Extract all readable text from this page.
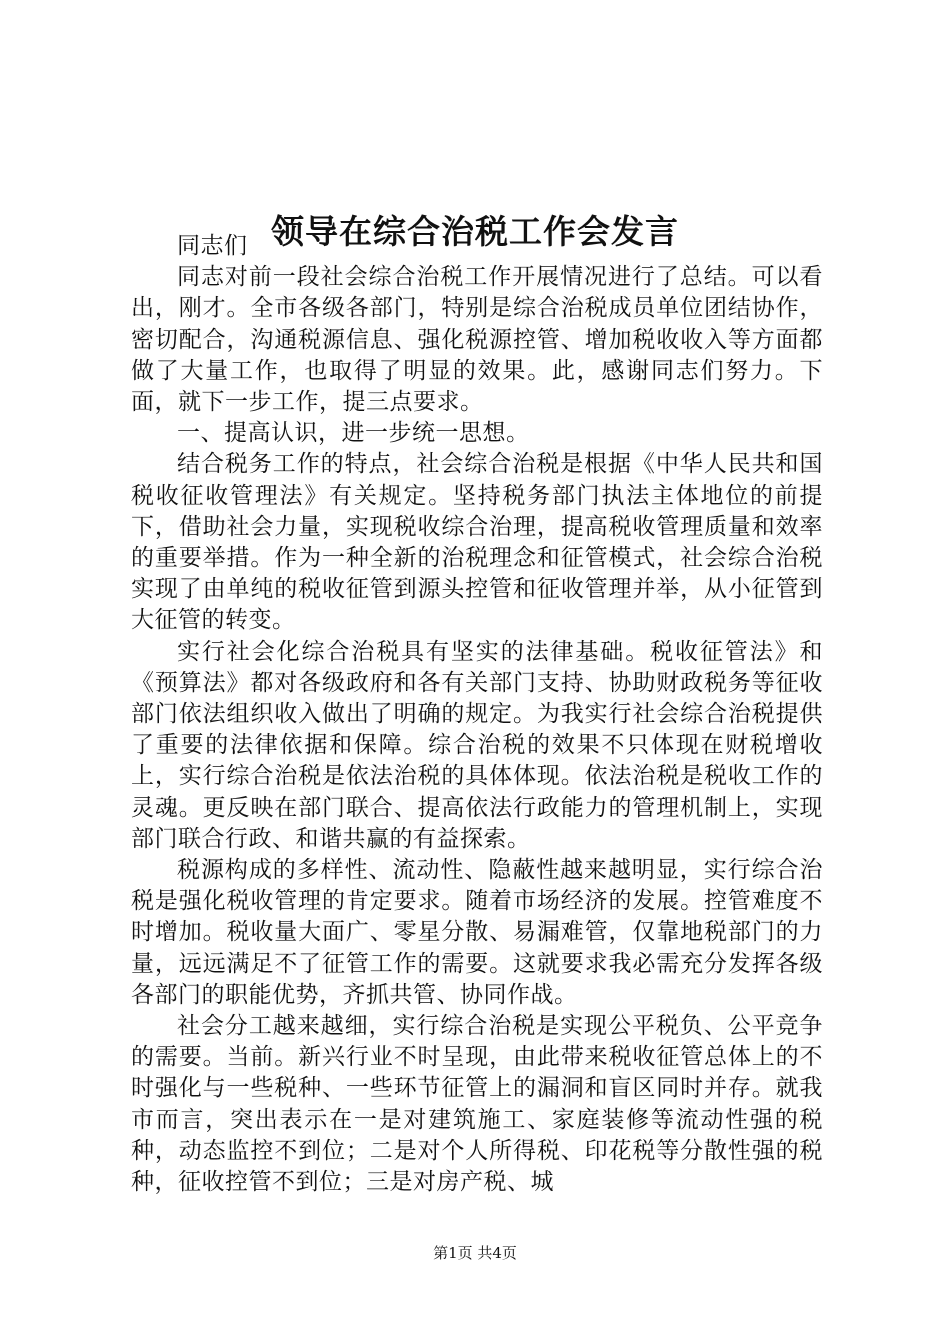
领导在综合治税工作会发言

同志们

同志对前一段社会综合治税工作开展情况进行了总结。可以看出，刚才。全市各级各部门，特别是综合治税成员单位团结协作，密切配合，沟通税源信息、强化税源控管、增加税收收入等方面都做了大量工作，也取得了明显的效果。此，感谢同志们努力。下面，就下一步工作，提三点要求。

一、提高认识，进一步统一思想。

结合税务工作的特点，社会综合治税是根据《中华人民共和国税收征收管理法》有关规定。坚持税务部门执法主体地位的前提下，借助社会力量，实现税收综合治理，提高税收管理质量和效率的重要举措。作为一种全新的治税理念和征管模式，社会综合治税实现了由单纯的税收征管到源头控管和征收管理并举，从小征管到大征管的转变。

实行社会化综合治税具有坚实的法律基础。税收征管法》和《预算法》都对各级政府和各有关部门支持、协助财政税务等征收部门依法组织收入做出了明确的规定。为我实行社会综合治税提供了重要的法律依据和保障。综合治税的效果不只体现在财税增收上，实行综合治税是依法治税的具体体现。依法治税是税收工作的灵魂。更反映在部门联合、提高依法行政能力的管理机制上，实现部门联合行政、和谐共赢的有益探索。

税源构成的多样性、流动性、隐蔽性越来越明显，实行综合治税是强化税收管理的肯定要求。随着市场经济的发展。控管难度不时增加。税收量大面广、零星分散、易漏难管，仅靠地税部门的力量，远远满足不了征管工作的需要。这就要求我必需充分发挥各级各部门的职能优势，齐抓共管、协同作战。

社会分工越来越细，实行综合治税是实现公平税负、公平竞争的需要。当前。新兴行业不时呈现，由此带来税收征管总体上的不时强化与一些税种、一些环节征管上的漏洞和盲区同时并存。就我市而言，突出表示在一是对建筑施工、家庭装修等流动性强的税种，动态监控不到位；二是对个人所得税、印花税等分散性强的税种，征收控管不到位；三是对房产税、城

第1页 共4页
